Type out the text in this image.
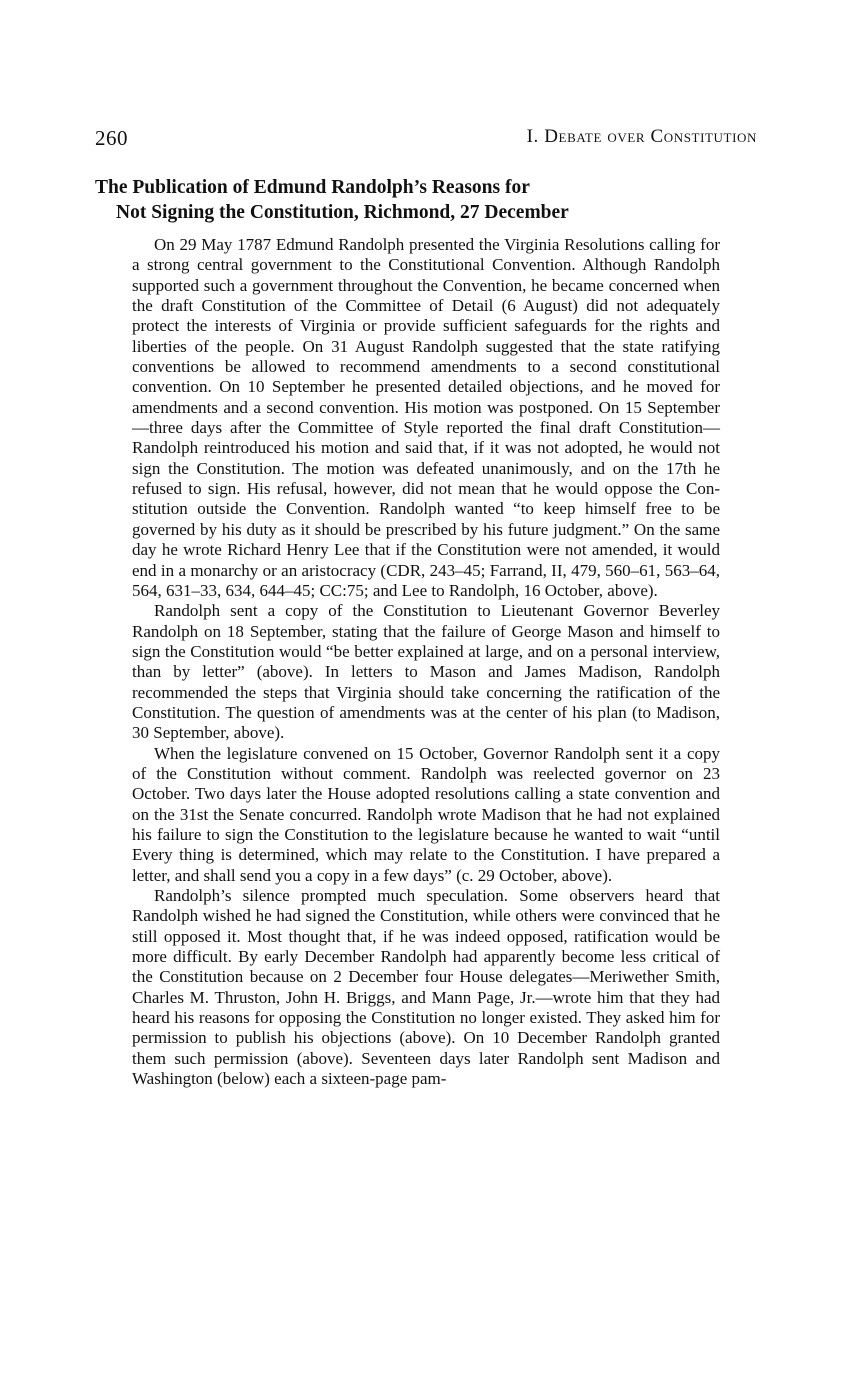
260	I. Debate over Constitution
The Publication of Edmund Randolph’s Reasons for
Not Signing the Constitution, Richmond, 27 December

On 29 May 1787 Edmund Randolph presented the Virginia Resolutions calling for a strong central government to the Constitutional Convention. Although Randolph supported such a government throughout the Convention, he became concerned when the draft Constitution of the Committee of Detail (6 August) did not adequately protect the interests of Virginia or provide sufficient safeguards for the rights and liberties of the people. On 31 August Randolph suggested that the state ratifying conventions be allowed to recommend amendments to a second constitutional convention. On 10 September he presented detailed objections, and he moved for amendments and a second convention. His motion was postponed. On 15 September—three days after the Committee of Style reported the final draft Constitution—Randolph reintroduced his motion and said that, if it was not adopted, he would not sign the Constitution. The motion was defeated unanimously, and on the 17th he refused to sign. His refusal, however, did not mean that he would oppose the Constitution outside the Convention. Randolph wanted “to keep himself free to be governed by his duty as it should be prescribed by his future judgment.” On the same day he wrote Richard Henry Lee that if the Constitution were not amended, it would end in a monarchy or an aristocracy (CDR, 243–45; Farrand, II, 479, 560–61, 563–64, 564, 631–33, 634, 644–45; CC:75; and Lee to Randolph, 16 October, above).

Randolph sent a copy of the Constitution to Lieutenant Governor Beverley Randolph on 18 September, stating that the failure of George Mason and himself to sign the Constitution would “be better explained at large, and on a personal interview, than by letter” (above). In letters to Mason and James Madison, Randolph recommended the steps that Virginia should take concerning the ratification of the Constitution. The question of amendments was at the center of his plan (to Madison, 30 September, above).

When the legislature convened on 15 October, Governor Randolph sent it a copy of the Constitution without comment. Randolph was reelected governor on 23 October. Two days later the House adopted resolutions calling a state convention and on the 31st the Senate concurred. Randolph wrote Madison that he had not explained his failure to sign the Constitution to the legislature because he wanted to wait “until Every thing is determined, which may relate to the Constitution. I have prepared a letter, and shall send you a copy in a few days” (c. 29 October, above).

Randolph’s silence prompted much speculation. Some observers heard that Randolph wished he had signed the Constitution, while others were convinced that he still opposed it. Most thought that, if he was indeed opposed, ratification would be more difficult. By early December Randolph had apparently become less critical of the Constitution because on 2 December four House delegates—Meriwether Smith, Charles M. Thruston, John H. Briggs, and Mann Page, Jr.—wrote him that they had heard his reasons for opposing the Constitution no longer existed. They asked him for permission to publish his objections (above). On 10 December Randolph granted them such permission (above). Seventeen days later Randolph sent Madison and Washington (below) each a sixteen-page pam-
